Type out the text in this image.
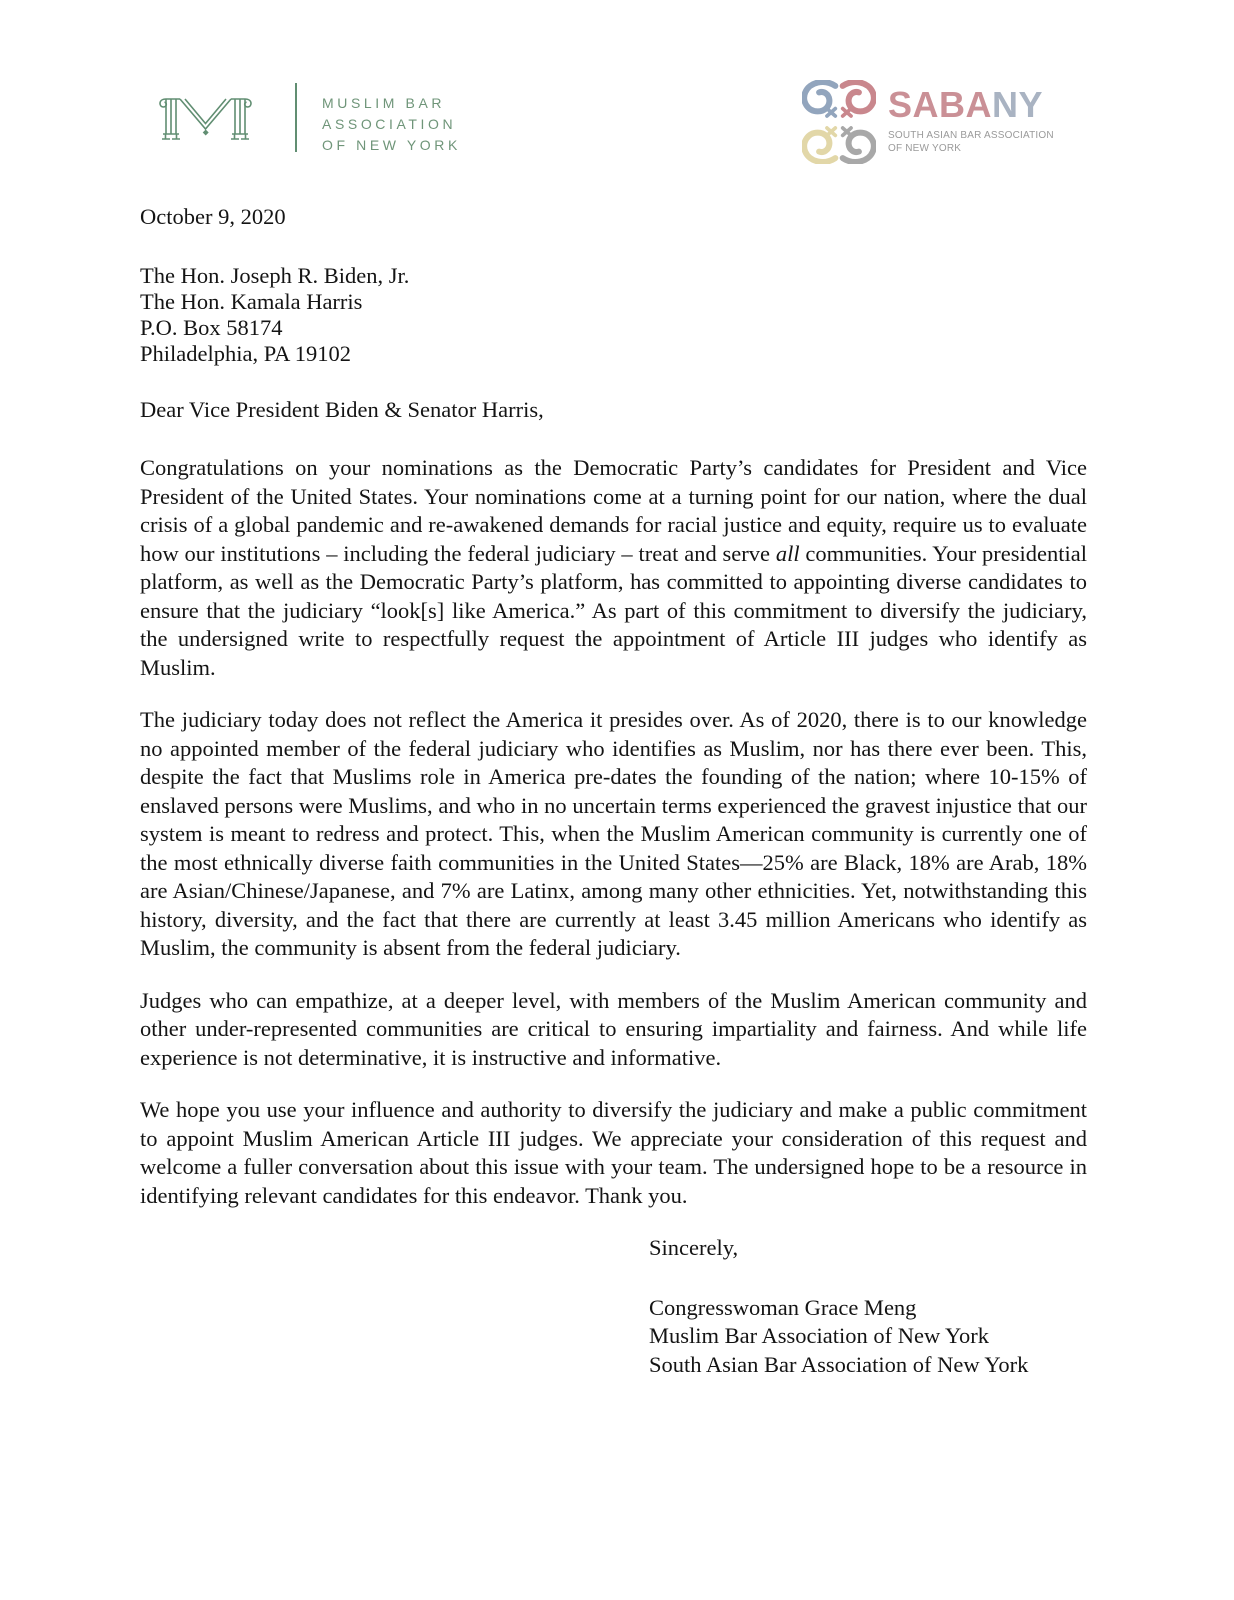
MUSLIM BAR
ASSOCIATION
OF NEW YORK
SABANY
SOUTH ASIAN BAR ASSOCIATION
OF NEW YORK
October 9, 2020
The Hon. Joseph R. Biden, Jr.
The Hon. Kamala Harris
P.O. Box 58174
Philadelphia, PA 19102
Dear Vice President Biden & Senator Harris,

Congratulations on your nominations as the Democratic Party’s candidates for President and Vice President of the United States. Your nominations come at a turning point for our nation, where the dual crisis of a global pandemic and re-awakened demands for racial justice and equity, require us to evaluate how our institutions – including the federal judiciary – treat and serve all communities. Your presidential platform, as well as the Democratic Party’s platform, has committed to appointing diverse candidates to ensure that the judiciary “look[s] like America.” As part of this commitment to diversify the judiciary, the undersigned write to respectfully request the appointment of Article III judges who identify as Muslim.

The judiciary today does not reflect the America it presides over. As of 2020, there is to our knowledge no appointed member of the federal judiciary who identifies as Muslim, nor has there ever been. This, despite the fact that Muslims role in America pre-dates the founding of the nation; where 10-15% of enslaved persons were Muslims, and who in no uncertain terms experienced the gravest injustice that our system is meant to redress and protect. This, when the Muslim American community is currently one of the most ethnically diverse faith communities in the United States—25% are Black, 18% are Arab, 18% are Asian/Chinese/Japanese, and 7% are Latinx, among many other ethnicities. Yet, notwithstanding this history, diversity, and the fact that there are currently at least 3.45 million Americans who identify as Muslim, the community is absent from the federal judiciary.

Judges who can empathize, at a deeper level, with members of the Muslim American community and other under-represented communities are critical to ensuring impartiality and fairness. And while life experience is not determinative, it is instructive and informative.

We hope you use your influence and authority to diversify the judiciary and make a public commitment to appoint Muslim American Article III judges. We appreciate your consideration of this request and welcome a fuller conversation about this issue with your team. The undersigned hope to be a resource in identifying relevant candidates for this endeavor. Thank you.

Sincerely,
Congresswoman Grace Meng
Muslim Bar Association of New York
South Asian Bar Association of New York
